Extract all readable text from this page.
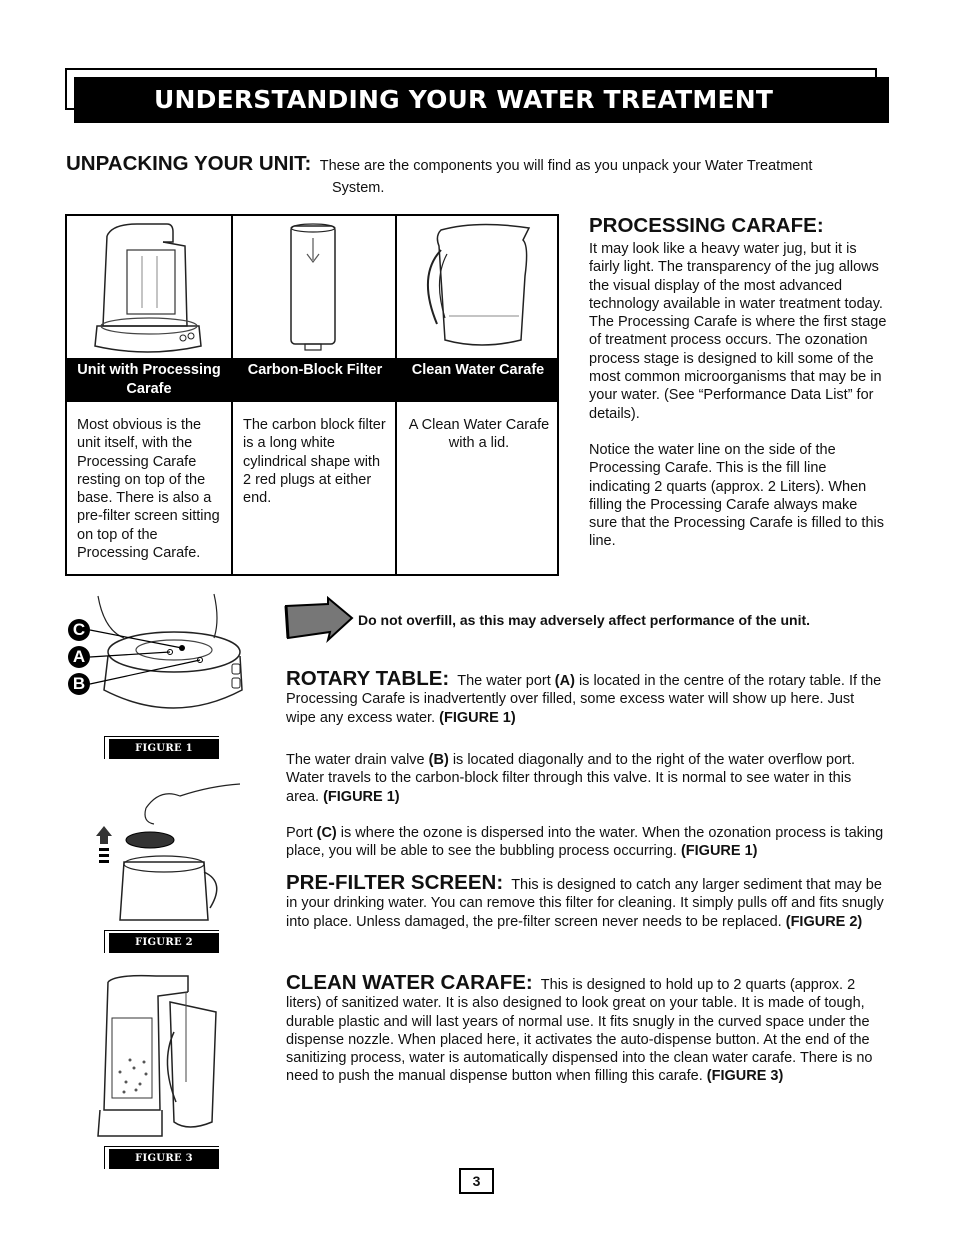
UNDERSTANDING YOUR WATER TREATMENT SYSTEM
UNPACKING YOUR UNIT: These are the components you will find as you unpack your Water Treatment
System.
Unit with Processing Carafe
Most obvious is the unit itself, with the Processing Carafe resting on top of the base. There is also a pre-filter screen sitting on top of the Processing Carafe.
Carbon-Block Filter
The carbon block filter is a long white cylindrical shape with 2 red plugs at either end.
Clean Water Carafe
A Clean Water Carafe with a lid.
PROCESSING CARAFE:
It may look like a heavy water jug, but it is fairly light. The transparency of the jug allows the visual display of the most advanced technology available in water treatment today. The Processing Carafe is where the first stage of treatment process occurs. The ozonation process stage is designed to kill some of the most common microorganisms that may be in your water. (See “Performance Data List” for details).
Notice the water line on the side of the Processing Carafe. This is the fill line indicating 2 quarts (approx. 2 Liters). When filling the Processing Carafe always make sure that the Processing Carafe is filled to this line.
C
A
B
FIGURE 1
FIGURE 2
FIGURE 3
Do not overfill, as this may adversely affect performance of the unit.
ROTARY TABLE: The water port (A) is located in the centre of the rotary table. If the Processing Carafe is inadvertently over filled, some excess water will show up here. Just wipe any excess water. (FIGURE 1)
The water drain valve (B) is located diagonally and to the right of the water overflow port. Water travels to the carbon-block filter through this valve. It is normal to see water in this area. (FIGURE 1)
Port (C) is where the ozone is dispersed into the water. When the ozonation process is taking place, you will be able to see the bubbling process occurring. (FIGURE 1)
PRE-FILTER SCREEN: This is designed to catch any larger sediment that may be in your drinking water. You can remove this filter for cleaning. It simply pulls off and fits snugly into place. Unless damaged, the pre-filter screen never needs to be replaced. (FIGURE 2)
CLEAN WATER CARAFE: This is designed to hold up to 2 quarts (approx. 2 liters) of sanitized water. It is also designed to look great on your table. It is made of tough, durable plastic and will last years of normal use. It fits snugly in the curved space under the dispense nozzle. When placed here, it activates the auto-dispense button. At the end of the sanitizing process, water is automatically dispensed into the clean water carafe. There is no need to push the manual dispense button when filling this carafe. (FIGURE 3)
3
